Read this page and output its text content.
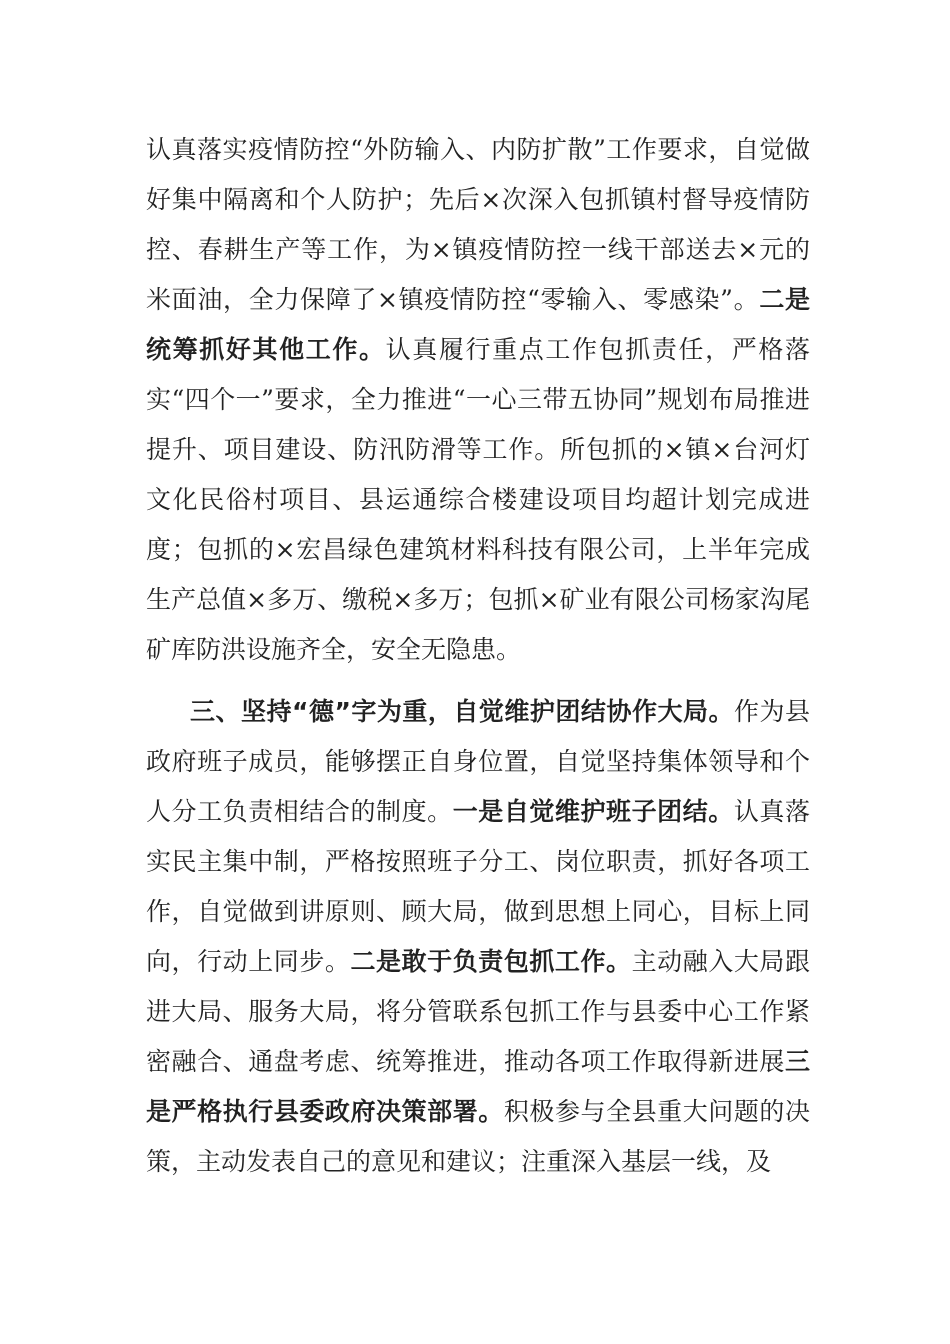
认真落实疫情防控“外防输入、内防扩散”工作要求，自觉做好集中隔离和个人防护；先后×次深入包抓镇村督导疫情防控、春耕生产等工作，为×镇疫情防控一线干部送去×元的米面油，全力保障了×镇疫情防控“零输入、零感染”。二是统筹抓好其他工作。认真履行重点工作包抓责任，严格落实“四个一”要求，全力推进“一心三带五协同”规划布局推进提升、项目建设、防汛防滑等工作。所包抓的×镇×台河灯文化民俗村项目、县运通综合楼建设项目均超计划完成进度；包抓的×宏昌绿色建筑材料科技有限公司，上半年完成生产总值×多万、缴税×多万；包抓×矿业有限公司杨家沟尾矿库防洪设施齐全，安全无隐患。

三、坚持“德”字为重，自觉维护团结协作大局。作为县政府班子成员，能够摆正自身位置，自觉坚持集体领导和个人分工负责相结合的制度。一是自觉维护班子团结。认真落实民主集中制，严格按照班子分工、岗位职责，抓好各项工作，自觉做到讲原则、顾大局，做到思想上同心，目标上同向，行动上同步。二是敢于负责包抓工作。主动融入大局跟进大局、服务大局，将分管联系包抓工作与县委中心工作紧密融合、通盘考虑、统筹推进，推动各项工作取得新进展三是严格执行县委政府决策部署。积极参与全县重大问题的决策，主动发表自己的意见和建议；注重深入基层一线，及
